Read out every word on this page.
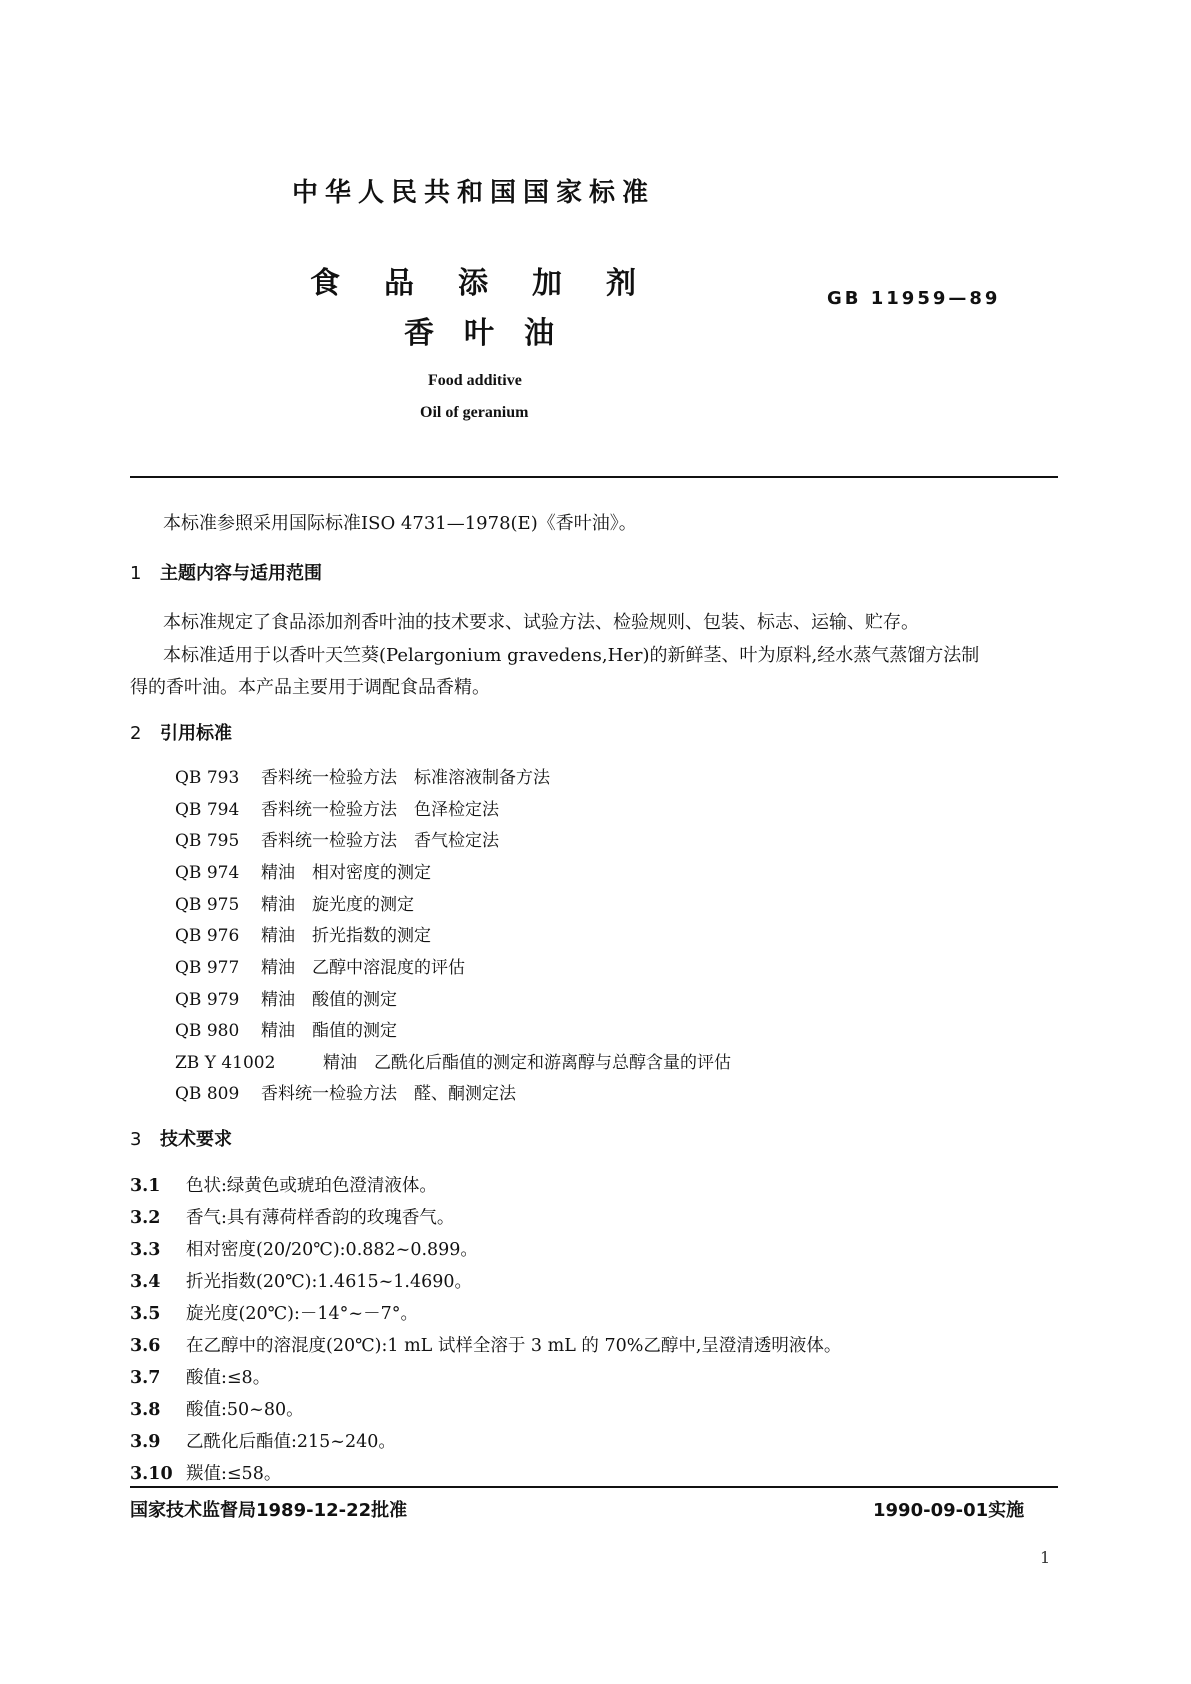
中华人民共和国国家标准
食品添加剂
香叶油
GB 11959—89
Food additive
Oil of geranium
本标准参照采用国际标准ISO 4731—1978(E)《香叶油》。
1 主题内容与适用范围
本标准规定了食品添加剂香叶油的技术要求、试验方法、检验规则、包装、标志、运输、贮存。
本标准适用于以香叶天竺葵(Pelargonium gravedens,Her)的新鲜茎、叶为原料,经水蒸气蒸馏方法制
得的香叶油。本产品主要用于调配食品香精。
2 引用标准
QB 793 香料统一检验方法　标准溶液制备方法
QB 794 香料统一检验方法　色泽检定法
QB 795 香料统一检验方法　香气检定法
QB 974 精油　相对密度的测定
QB 975 精油　旋光度的测定
QB 976 精油　折光指数的测定
QB 977 精油　乙醇中溶混度的评估
QB 979 精油　酸值的测定
QB 980 精油　酯值的测定
ZB Y 41002	精油　乙酰化后酯值的测定和游离醇与总醇含量的评估
QB 809 香料统一检验方法　醛、酮测定法
3 技术要求
3.1 色状:绿黄色或琥珀色澄清液体。
3.2 香气:具有薄荷样香韵的玫瑰香气。
3.3 相对密度(20/20℃):0.882~0.899。
3.4 折光指数(20℃):1.4615~1.4690。
3.5 旋光度(20℃):－14°~－7°。
3.6 在乙醇中的溶混度(20℃):1 mL 试样全溶于 3 mL 的 70%乙醇中,呈澄清透明液体。
3.7 酸值:≤8。
3.8 酸值:50~80。
3.9 乙酰化后酯值:215~240。
3.10 羰值:≤58。
国家技术监督局1989-12-22批准	1990-09-01实施
1
